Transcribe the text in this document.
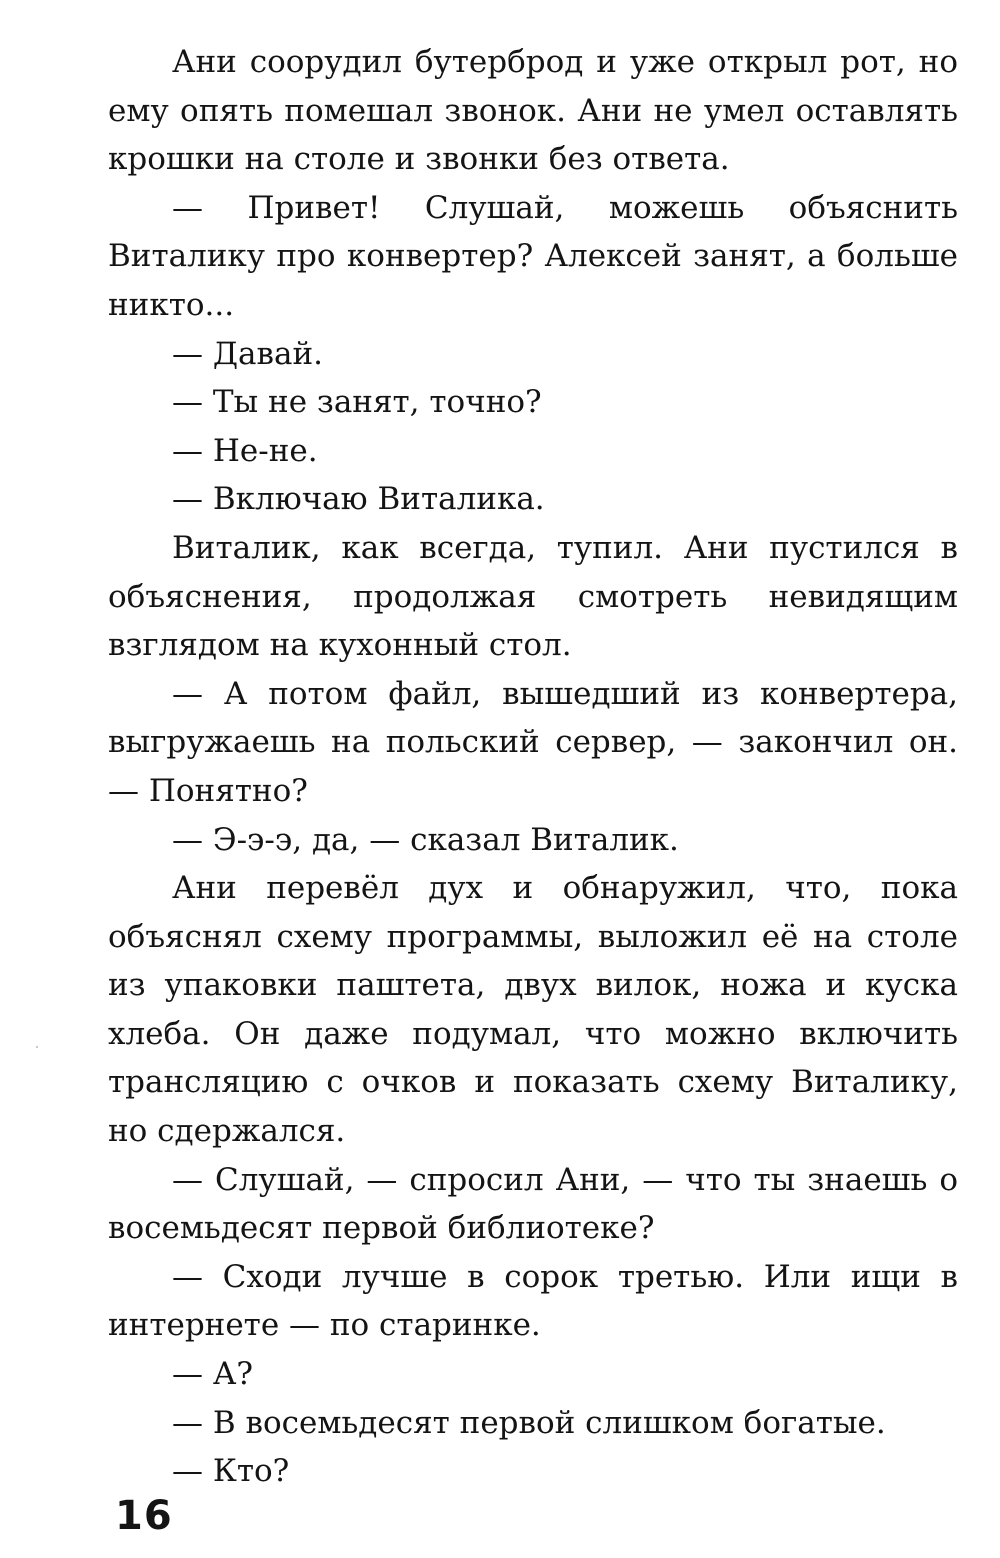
Ани соорудил бутерброд и уже открыл рот, но ему опять помешал звонок. Ани не умел оставлять крошки на столе и звонки без ответа.

— Привет! Слушай, можешь объяснить Виталику про конвертер? Алексей занят, а больше никто...

— Давай.

— Ты не занят, точно?

— Не-не.

— Включаю Виталика.

Виталик, как всегда, тупил. Ани пустился в объяснения, продолжая смотреть невидящим взглядом на кухонный стол.

— А потом файл, вышедший из конвертера, выгружаешь на польский сервер, — закончил он. — Понятно?

— Э-э-э, да, — сказал Виталик.

Ани перевёл дух и обнаружил, что, пока объяснял схему программы, выложил её на столе из упаковки паштета, двух вилок, ножа и куска хлеба. Он даже подумал, что можно включить трансляцию с очков и показать схему Виталику, но сдержался.

— Слушай, — спросил Ани, — что ты знаешь о восемьдесят первой библиотеке?

— Сходи лучше в сорок третью. Или ищи в интернете — по старинке.

— А?

— В восемьдесят первой слишком богатые.

— Кто?

16
